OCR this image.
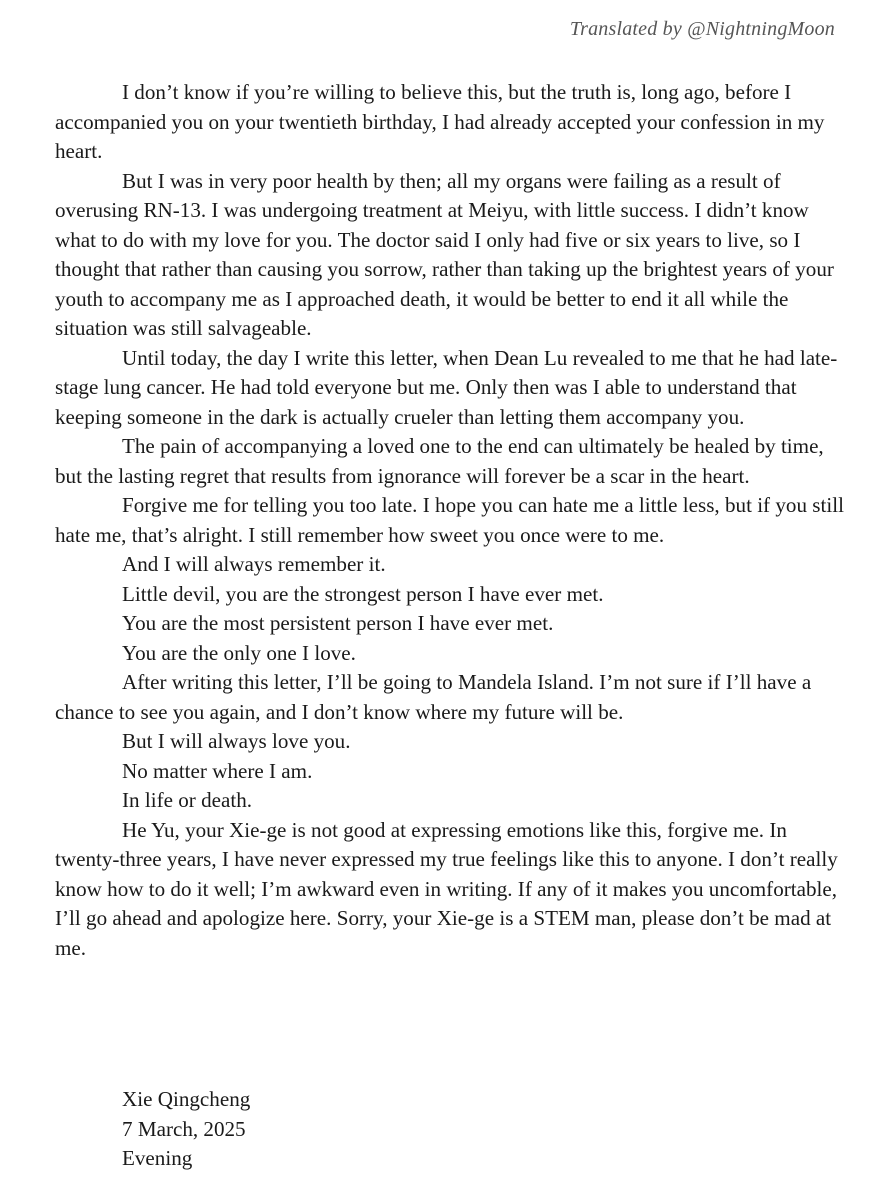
Translated by @NightningMoon

I don’t know if you’re willing to believe this, but the truth is, long ago, before I accompanied you on your twentieth birthday, I had already accepted your confession in my heart.

But I was in very poor health by then; all my organs were failing as a result of overusing RN-13. I was undergoing treatment at Meiyu, with little success. I didn’t know what to do with my love for you. The doctor said I only had five or six years to live, so I thought that rather than causing you sorrow, rather than taking up the brightest years of your youth to accompany me as I approached death, it would be better to end it all while the situation was still salvageable.

Until today, the day I write this letter, when Dean Lu revealed to me that he had late-stage lung cancer. He had told everyone but me. Only then was I able to understand that keeping someone in the dark is actually crueler than letting them accompany you.

The pain of accompanying a loved one to the end can ultimately be healed by time, but the lasting regret that results from ignorance will forever be a scar in the heart.

Forgive me for telling you too late. I hope you can hate me a little less, but if you still hate me, that’s alright. I still remember how sweet you once were to me.

And I will always remember it.

Little devil, you are the strongest person I have ever met.

You are the most persistent person I have ever met.

You are the only one I love.

After writing this letter, I’ll be going to Mandela Island. I’m not sure if I’ll have a chance to see you again, and I don’t know where my future will be.

But I will always love you.

No matter where I am.

In life or death.

He Yu, your Xie-ge is not good at expressing emotions like this, forgive me. In twenty-three years, I have never expressed my true feelings like this to anyone. I don’t really know how to do it well; I’m awkward even in writing. If any of it makes you uncomfortable, I’ll go ahead and apologize here. Sorry, your Xie-ge is a STEM man, please don’t be mad at me.

Xie Qingcheng

7 March, 2025

Evening
